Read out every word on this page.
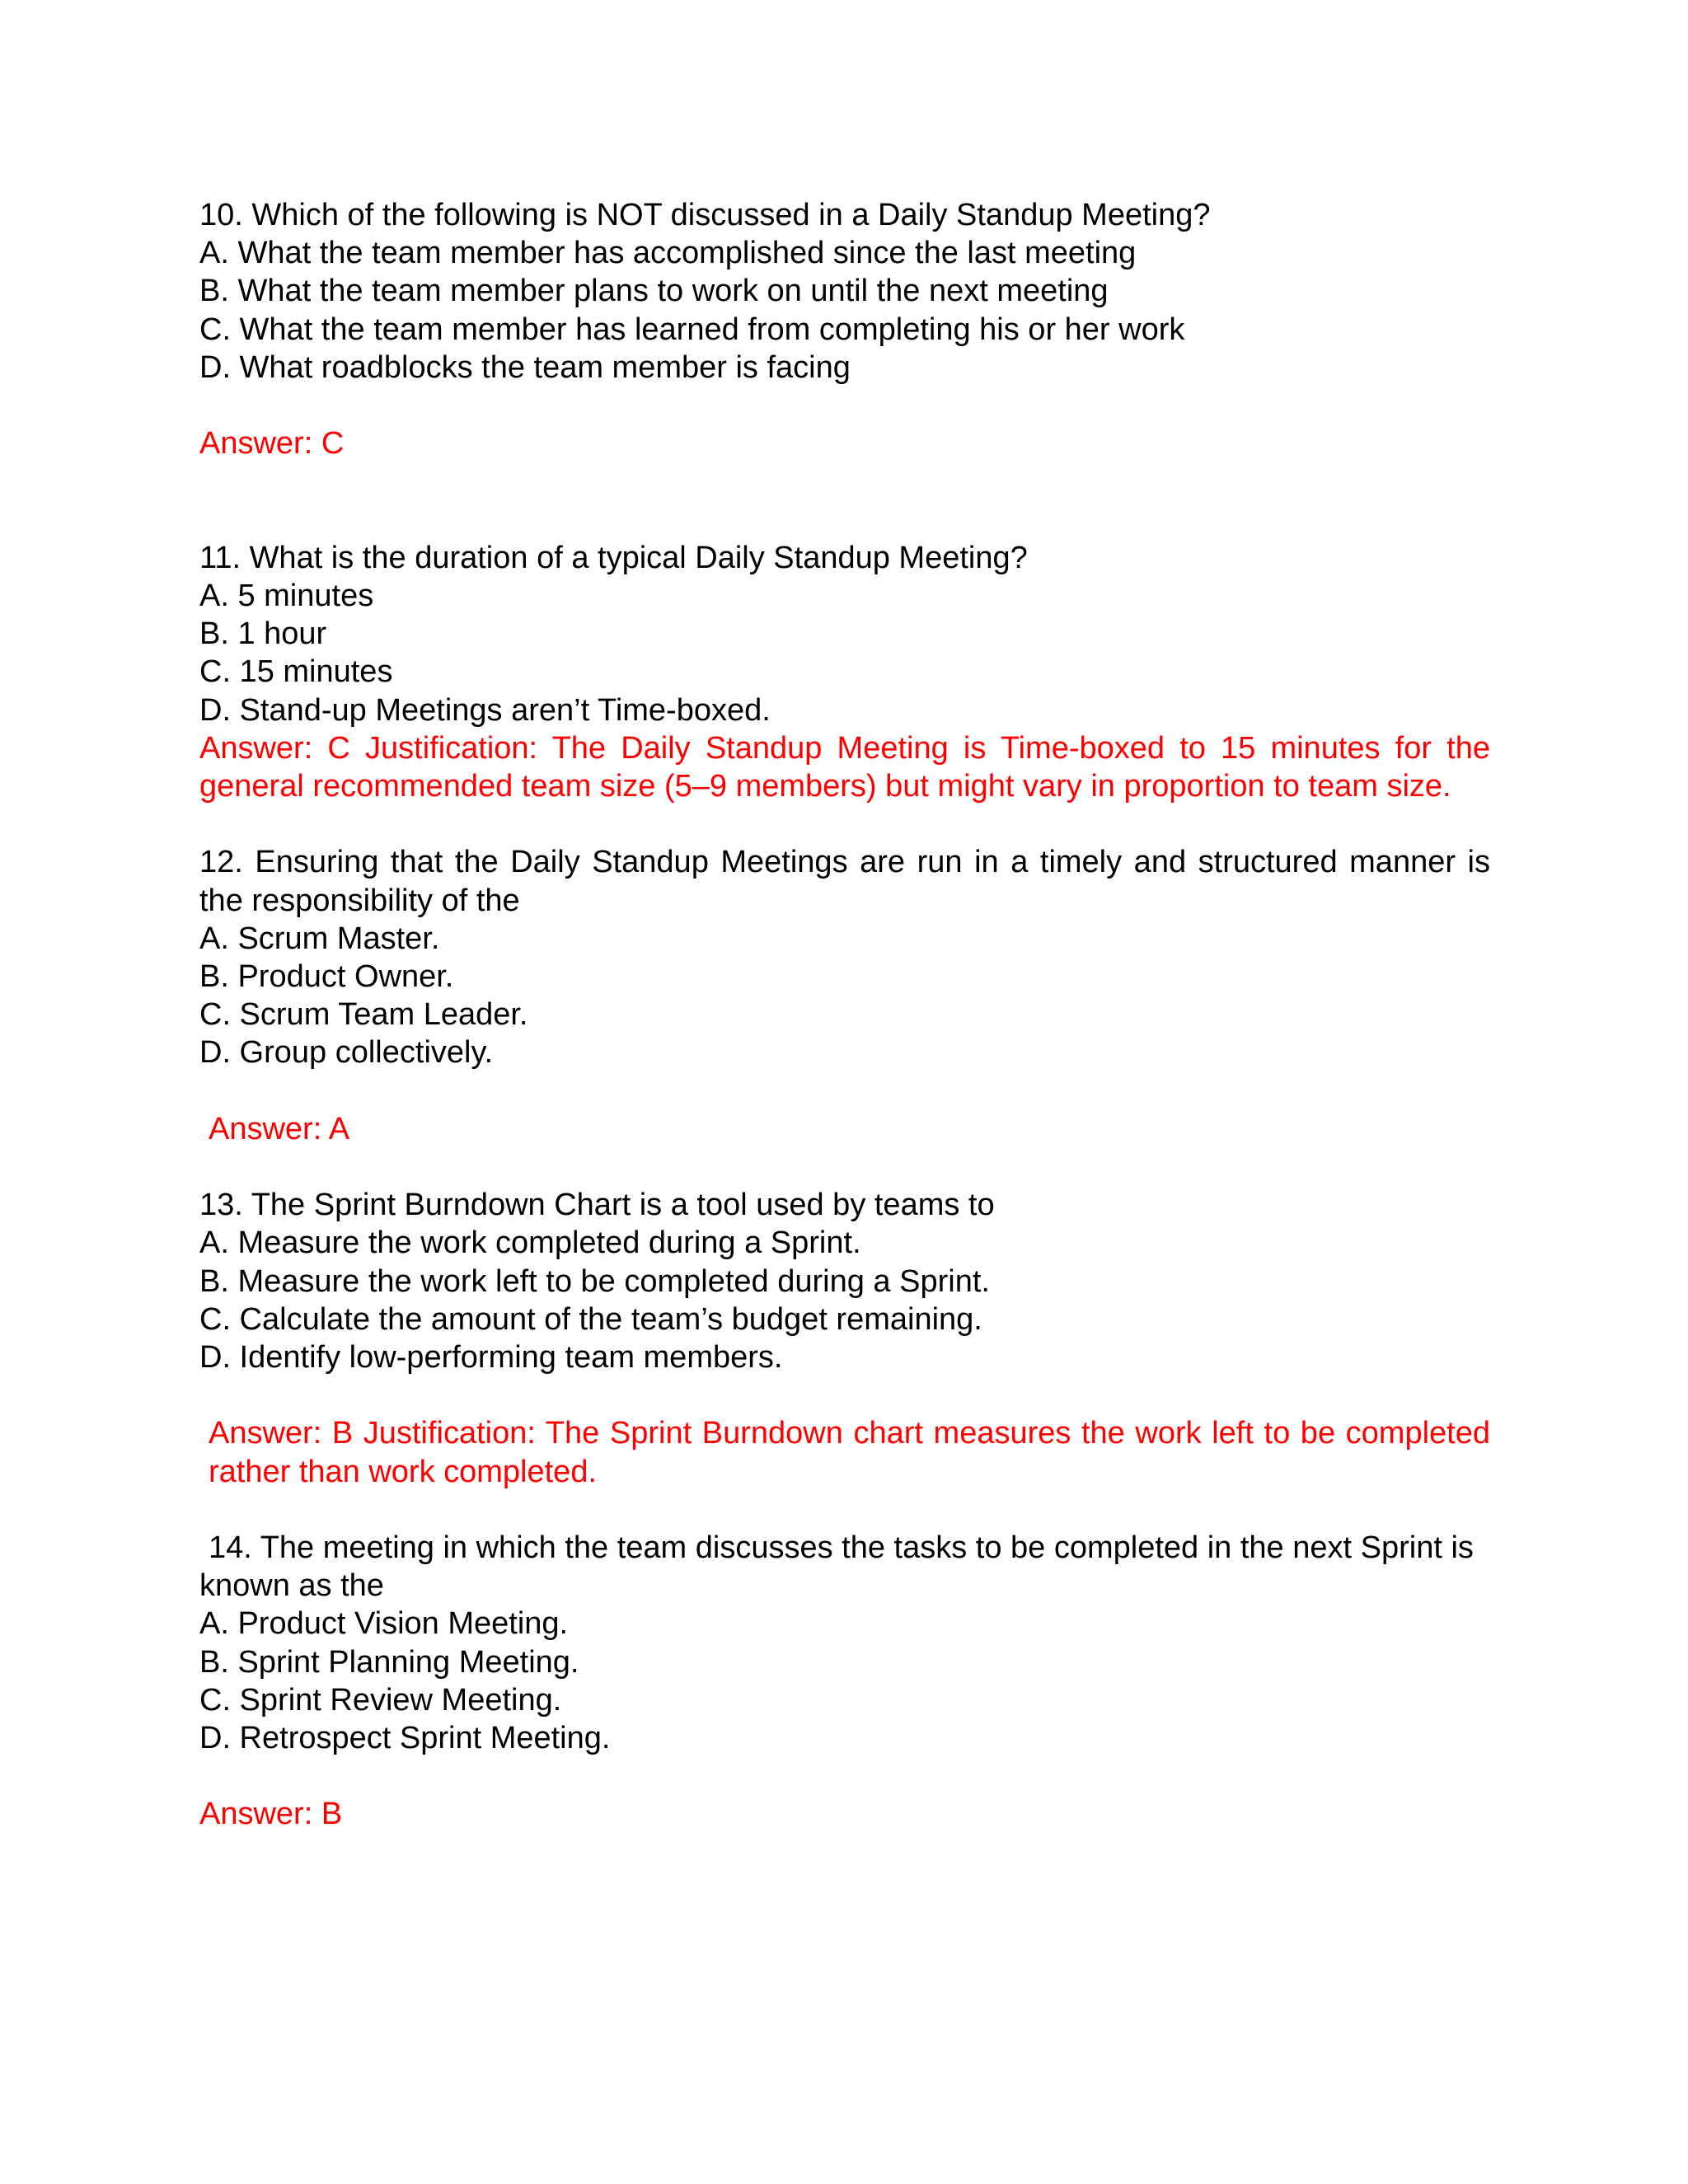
10. Which of the following is NOT discussed in a Daily Standup Meeting?
A. What the team member has accomplished since the last meeting
B. What the team member plans to work on until the next meeting
C. What the team member has learned from completing his or her work
D. What roadblocks the team member is facing
Answer: C
11. What is the duration of a typical Daily Standup Meeting?
A. 5 minutes
B. 1 hour
C. 15 minutes
D. Stand-up Meetings aren’t Time-boxed.
Answer: C Justification: The Daily Standup Meeting is Time-boxed to 15 minutes for the general recommended team size (5–9 members) but might vary in proportion to team size.
12. Ensuring that the Daily Standup Meetings are run in a timely and structured manner is the responsibility of the
A. Scrum Master.
B. Product Owner.
C. Scrum Team Leader.
D. Group collectively.
Answer: A
13. The Sprint Burndown Chart is a tool used by teams to
A. Measure the work completed during a Sprint.
B. Measure the work left to be completed during a Sprint.
C. Calculate the amount of the team’s budget remaining.
D. Identify low-performing team members.
Answer: B Justification: The Sprint Burndown chart measures the work left to be completed rather than work completed.
14. The meeting in which the team discusses the tasks to be completed in the next Sprint is
known as the
A. Product Vision Meeting.
B. Sprint Planning Meeting.
C. Sprint Review Meeting.
D. Retrospect Sprint Meeting.
Answer: B
